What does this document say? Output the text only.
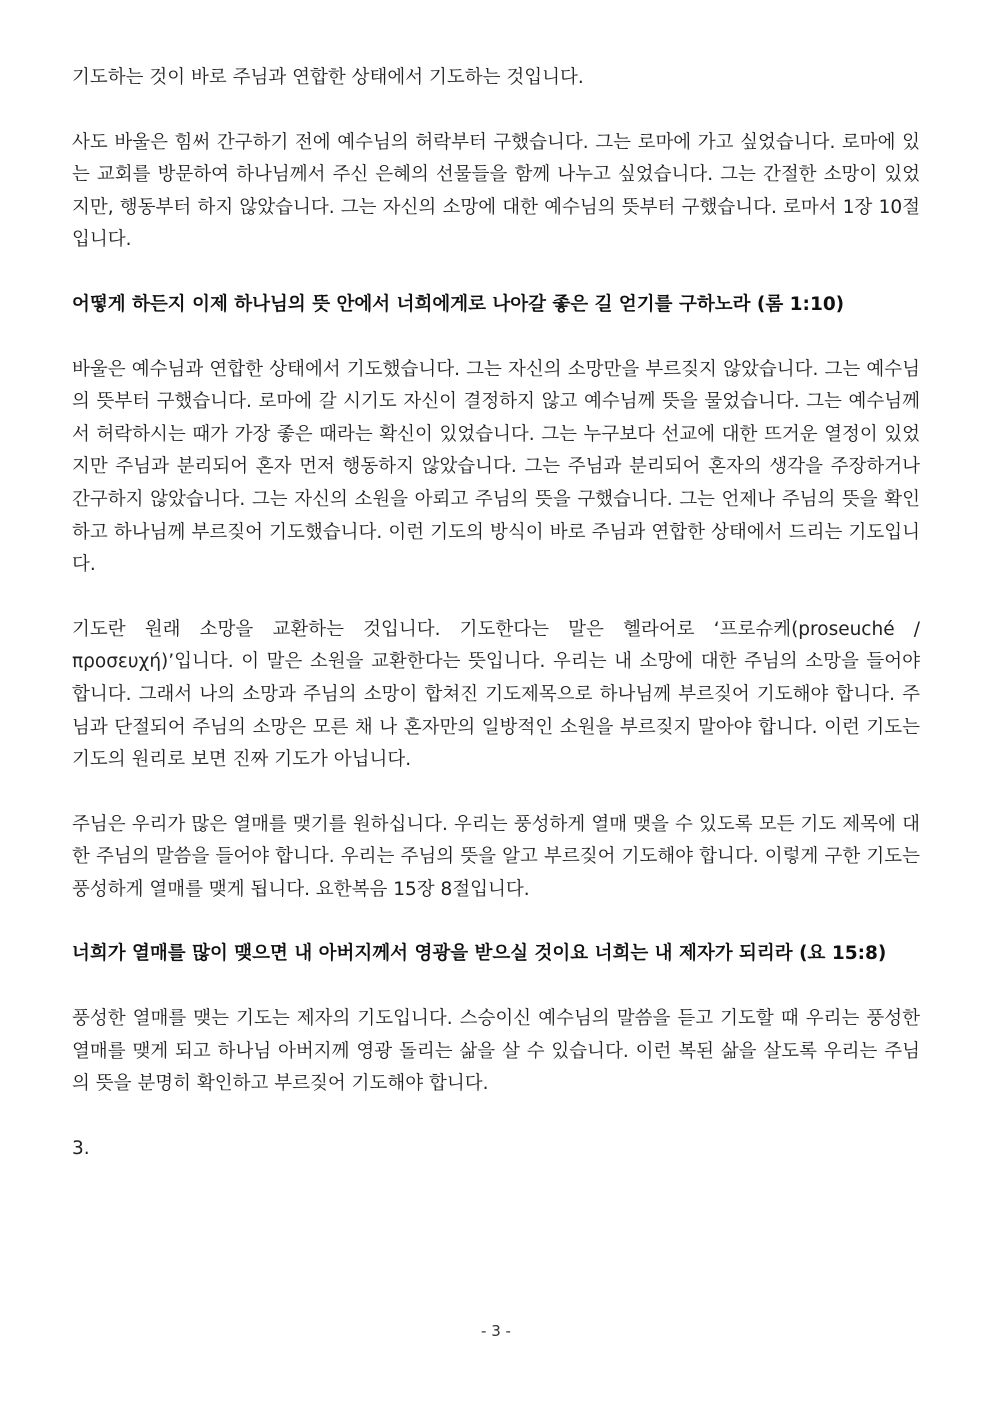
기도하는 것이 바로 주님과 연합한 상태에서 기도하는 것입니다.

사도 바울은 힘써 간구하기 전에 예수님의 허락부터 구했습니다. 그는 로마에 가고 싶었습니다. 로마에 있는 교회를 방문하여 하나님께서 주신 은혜의 선물들을 함께 나누고 싶었습니다. 그는 간절한 소망이 있었지만, 행동부터 하지 않았습니다. 그는 자신의 소망에 대한 예수님의 뜻부터 구했습니다. 로마서 1장 10절입니다.

어떻게 하든지 이제 하나님의 뜻 안에서 너희에게로 나아갈 좋은 길 얻기를 구하노라 (롬 1:10)

바울은 예수님과 연합한 상태에서 기도했습니다. 그는 자신의 소망만을 부르짖지 않았습니다. 그는 예수님의 뜻부터 구했습니다. 로마에 갈 시기도 자신이 결정하지 않고 예수님께 뜻을 물었습니다. 그는 예수님께서 허락하시는 때가 가장 좋은 때라는 확신이 있었습니다. 그는 누구보다 선교에 대한 뜨거운 열정이 있었지만 주님과 분리되어 혼자 먼저 행동하지 않았습니다. 그는 주님과 분리되어 혼자의 생각을 주장하거나 간구하지 않았습니다. 그는 자신의 소원을 아뢰고 주님의 뜻을 구했습니다. 그는 언제나 주님의 뜻을 확인하고 하나님께 부르짖어 기도했습니다. 이런 기도의 방식이 바로 주님과 연합한 상태에서 드리는 기도입니다.

기도란 원래 소망을 교환하는 것입니다. 기도한다는 말은 헬라어로 ‘프로슈케(proseuché / προσευχή)’입니다. 이 말은 소원을 교환한다는 뜻입니다. 우리는 내 소망에 대한 주님의 소망을 들어야 합니다. 그래서 나의 소망과 주님의 소망이 합쳐진 기도제목으로 하나님께 부르짖어 기도해야 합니다. 주님과 단절되어 주님의 소망은 모른 채 나 혼자만의 일방적인 소원을 부르짖지 말아야 합니다. 이런 기도는 기도의 원리로 보면 진짜 기도가 아닙니다.

주님은 우리가 많은 열매를 맺기를 원하십니다. 우리는 풍성하게 열매 맺을 수 있도록 모든 기도 제목에 대한 주님의 말씀을 들어야 합니다. 우리는 주님의 뜻을 알고 부르짖어 기도해야 합니다. 이렇게 구한 기도는 풍성하게 열매를 맺게 됩니다. 요한복음 15장 8절입니다.

너희가 열매를 많이 맺으면 내 아버지께서 영광을 받으실 것이요 너희는 내 제자가 되리라 (요 15:8)

풍성한 열매를 맺는 기도는 제자의 기도입니다. 스승이신 예수님의 말씀을 듣고 기도할 때 우리는 풍성한 열매를 맺게 되고 하나님 아버지께 영광 돌리는 삶을 살 수 있습니다. 이런 복된 삶을 살도록 우리는 주님의 뜻을 분명히 확인하고 부르짖어 기도해야 합니다.

3.

- 3 -
